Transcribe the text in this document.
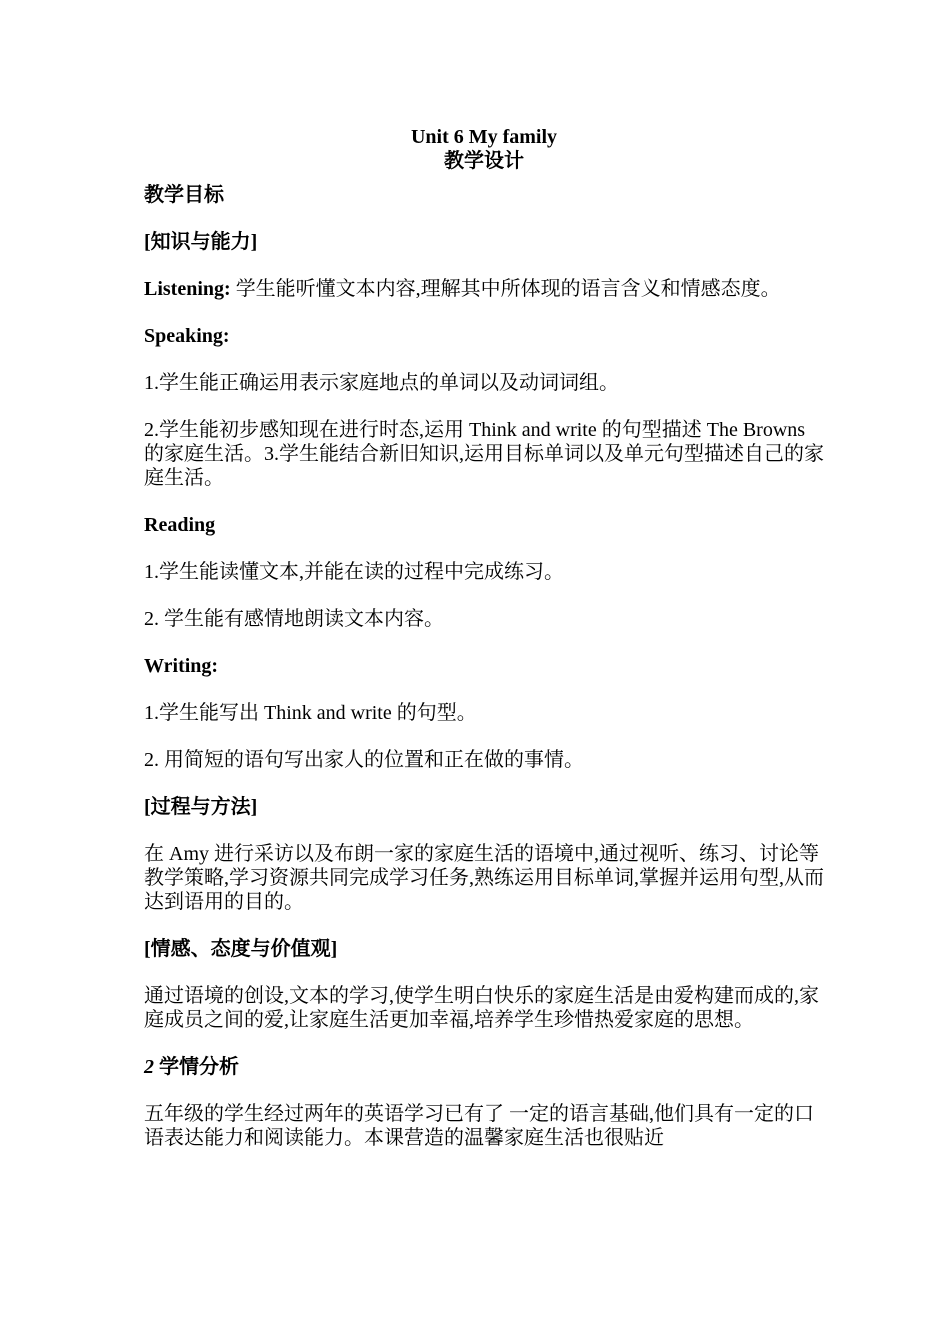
Unit 6 My family

教学设计

教学目标

[知识与能力]

Listening: 学生能听懂文本内容,理解其中所体现的语言含义和情感态度。

Speaking:

1.学生能正确运用表示家庭地点的单词以及动词词组。

2.学生能初步感知现在进行时态,运用 Think and write 的句型描述 The Browns 的家庭生活。3.学生能结合新旧知识,运用目标单词以及单元句型描述自己的家庭生活。

Reading

1.学生能读懂文本,并能在读的过程中完成练习。

2. 学生能有感情地朗读文本内容。

Writing:

1.学生能写出 Think and write 的句型。

2. 用简短的语句写出家人的位置和正在做的事情。

[过程与方法]

在 Amy 进行采访以及布朗一家的家庭生活的语境中,通过视听、练习、讨论等教学策略,学习资源共同完成学习任务,熟练运用目标单词,掌握并运用句型,从而达到语用的目的。

[情感、态度与价值观]

通过语境的创设,文本的学习,使学生明白快乐的家庭生活是由爱构建而成的,家庭成员之间的爱,让家庭生活更加幸福,培养学生珍惜热爱家庭的思想。

2 学情分析

五年级的学生经过两年的英语学习已有了 一定的语言基础,他们具有一定的口语表达能力和阅读能力。本课营造的温馨家庭生活也很贴近
